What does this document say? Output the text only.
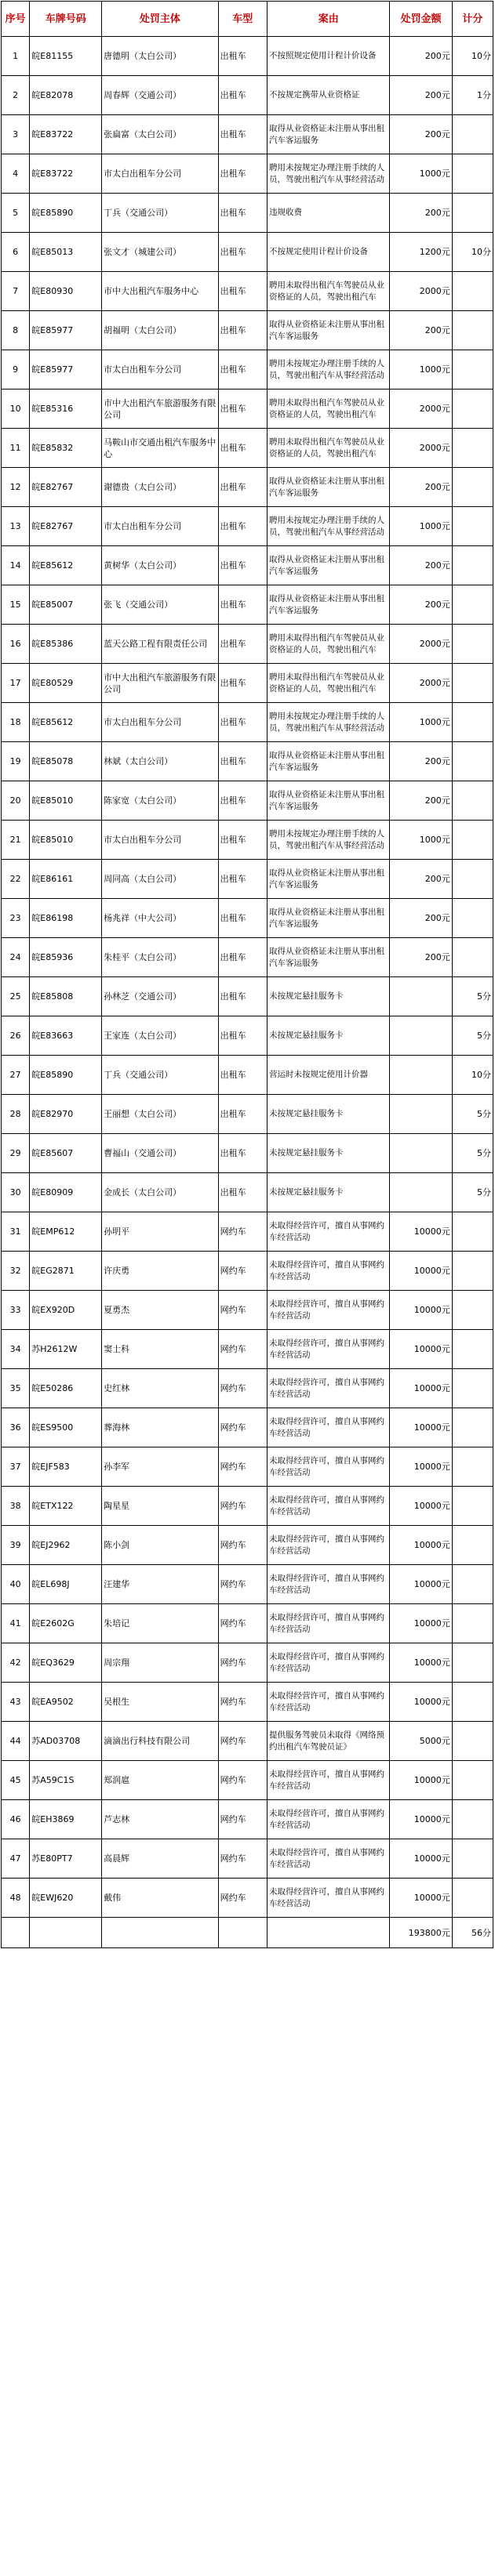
序号	车牌号码	处罚主体	车型	案由	处罚金额	计分
1	皖E81155	唐德明（太白公司）	出租车	不按照规定使用计程计价设备	200元	10分
2	皖E82078	周春辉（交通公司）	出租车	不按规定携带从业资格证	200元	1分
3	皖E83722	张扁富（太白公司）	出租车	取得从业资格证未注册从事出租汽车客运服务	200元	
4	皖E83722	市太白出租车分公司	出租车	聘用未按规定办理注册手续的人员，驾驶出租汽车从事经营活动	1000元	
5	皖E85890	丁兵（交通公司）	出租车	违规收费	200元	
6	皖E85013	张文才（城建公司）	出租车	不按规定使用计程计价设备	1200元	10分
7	皖E80930	市中大出租汽车服务中心	出租车	聘用未取得出租汽车驾驶员从业资格证的人员，驾驶出租汽车	2000元	
8	皖E85977	胡福明（太白公司）	出租车	取得从业资格证未注册从事出租汽车客运服务	200元	
9	皖E85977	市太白出租车分公司	出租车	聘用未按规定办理注册手续的人员，驾驶出租汽车从事经营活动	1000元	
10	皖E85316	市中大出租汽车旅游服务有限公司	出租车	聘用未取得出租汽车驾驶员从业资格证的人员，驾驶出租汽车	2000元	
11	皖E85832	马鞍山市交通出租汽车服务中心	出租车	聘用未取得出租汽车驾驶员从业资格证的人员，驾驶出租汽车	2000元	
12	皖E82767	谢德贵（太白公司）	出租车	取得从业资格证未注册从事出租汽车客运服务	200元	
13	皖E82767	市太白出租车分公司	出租车	聘用未按规定办理注册手续的人员，驾驶出租汽车从事经营活动	1000元	
14	皖E85612	黄树华（太白公司）	出租车	取得从业资格证未注册从事出租汽车客运服务	200元	
15	皖E85007	张飞（交通公司）	出租车	取得从业资格证未注册从事出租汽车客运服务	200元	
16	皖E85386	蓝天公路工程有限责任公司	出租车	聘用未取得出租汽车驾驶员从业资格证的人员，驾驶出租汽车	2000元	
17	皖E80529	市中大出租汽车旅游服务有限公司	出租车	聘用未取得出租汽车驾驶员从业资格证的人员，驾驶出租汽车	2000元	
18	皖E85612	市太白出租车分公司	出租车	聘用未按规定办理注册手续的人员，驾驶出租汽车从事经营活动	1000元	
19	皖E85078	林斌（太白公司）	出租车	取得从业资格证未注册从事出租汽车客运服务	200元	
20	皖E85010	陈家宽（太白公司）	出租车	取得从业资格证未注册从事出租汽车客运服务	200元	
21	皖E85010	市太白出租车分公司	出租车	聘用未按规定办理注册手续的人员，驾驶出租汽车从事经营活动	1000元	
22	皖E86161	周同高（太白公司）	出租车	取得从业资格证未注册从事出租汽车客运服务	200元	
23	皖E86198	杨兆祥（中大公司）	出租车	取得从业资格证未注册从事出租汽车客运服务	200元	
24	皖E85936	朱桂平（太白公司）	出租车	取得从业资格证未注册从事出租汽车客运服务	200元	
25	皖E85808	孙林芝（交通公司）	出租车	未按规定悬挂服务卡		5分
26	皖E83663	王家连（太白公司）	出租车	未按规定悬挂服务卡		5分
27	皖E85890	丁兵（交通公司）	出租车	营运时未按规定使用计价器		10分
28	皖E82970	王丽想（太白公司）	出租车	未按规定悬挂服务卡		5分
29	皖E85607	曹福山（交通公司）	出租车	未按规定悬挂服务卡		5分
30	皖E80909	金成长（太白公司）	出租车	未按规定悬挂服务卡		5分
31	皖EMP612	孙明平	网约车	未取得经营许可，擅自从事网约车经营活动	10000元	
32	皖EG2871	许庆勇	网约车	未取得经营许可，擅自从事网约车经营活动	10000元	
33	皖EX920D	夏勇杰	网约车	未取得经营许可，擅自从事网约车经营活动	10000元	
34	苏H2612W	窦士科	网约车	未取得经营许可，擅自从事网约车经营活动	10000元	
35	皖E50286	史红林	网约车	未取得经营许可，擅自从事网约车经营活动	10000元	
36	皖ES9500	葬海林	网约车	未取得经营许可，擅自从事网约车经营活动	10000元	
37	皖EJF583	孙李军	网约车	未取得经营许可，擅自从事网约车经营活动	10000元	
38	皖ETX122	陶星星	网约车	未取得经营许可，擅自从事网约车经营活动	10000元	
39	皖EJ2962	陈小剑	网约车	未取得经营许可，擅自从事网约车经营活动	10000元	
40	皖EL698J	汪建华	网约车	未取得经营许可，擅自从事网约车经营活动	10000元	
41	皖E2602G	朱培记	网约车	未取得经营许可，擅自从事网约车经营活动	10000元	
42	皖EQ3629	周宗翔	网约车	未取得经营许可，擅自从事网约车经营活动	10000元	
43	皖EA9502	吴根生	网约车	未取得经营许可，擅自从事网约车经营活动	10000元	
44	苏AD03708	滴滴出行科技有限公司	网约车	提供服务驾驶员未取得《网络预约出租汽车驾驶员证》	5000元	
45	苏A59C1S	郑润扈	网约车	未取得经营许可，擅自从事网约车经营活动	10000元	
46	皖EH3869	芦志林	网约车	未取得经营许可，擅自从事网约车经营活动	10000元	
47	苏E80PT7	高晨辉	网约车	未取得经营许可，擅自从事网约车经营活动	10000元	
48	皖EWJ620	戴伟	网约车	未取得经营许可，擅自从事网约车经营活动	10000元	
					193800元	56分
